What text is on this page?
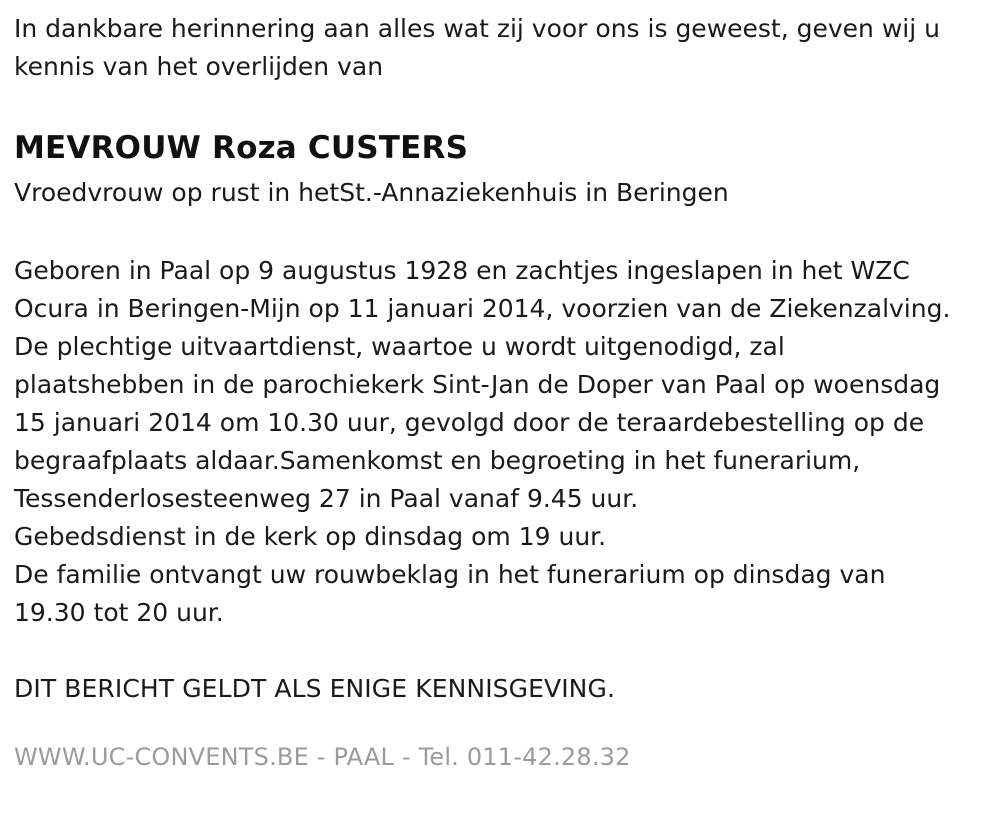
In dankbare herinnering aan alles wat zij voor ons is geweest, geven wij u kennis van het overlijden van
MEVROUW Roza CUSTERS
Vroedvrouw op rust in hetSt.-Annaziekenhuis in Beringen

Geboren in Paal op 9 augustus 1928 en zachtjes ingeslapen in het WZC

Ocura in Beringen-Mijn op 11 januari 2014, voorzien van de Ziekenzalving.

De plechtige uitvaartdienst, waartoe u wordt uitgenodigd, zal

plaatshebben in de parochiekerk Sint-Jan de Doper van Paal op woensdag

15 januari 2014 om 10.30 uur, gevolgd door de teraardebestelling op de

begraafplaats aldaar.Samenkomst en begroeting in het funerarium,

Tessenderlosesteenweg 27 in Paal vanaf 9.45 uur.

Gebedsdienst in de kerk op dinsdag om 19 uur.

De familie ontvangt uw rouwbeklag in het funerarium op dinsdag van

19.30 tot 20 uur.

DIT BERICHT GELDT ALS ENIGE KENNISGEVING.
WWW.UC-CONVENTS.BE - PAAL - Tel. 011-42.28.32
